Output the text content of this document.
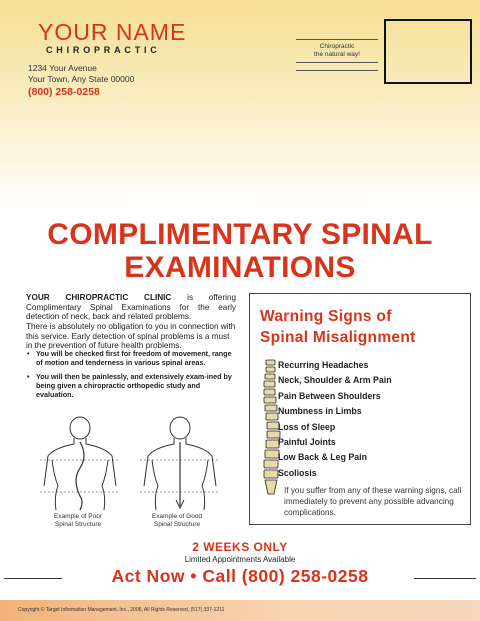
YOUR NAME
CHIROPRACTIC
1234 Your Avenue
Your Town, Any State 00000
(800) 258-0258
Chiropractic
the natural way!
COMPLIMENTARY SPINAL
EXAMINATIONS
YOUR CHIROPRACTIC CLINIC is offering Complimentary Spinal Examinations for the early detection of neck, back and related problems.
There is absolutely no obligation to you in connection with this service. Early detection of spinal problems is a must in the prevention of future health problems.
• You will be checked first for freedom of movement, range of motion and tenderness in various spinal areas.
• You will then be painlessly, and extensively exam-ined by being given a chiropractic orthopedic study and evaluation.
Example of Poor
Spinal Structure
Example of Good
Spinal Structure
Warning Signs of
Spinal Misalignment
Recurring Headaches
Neck, Shoulder & Arm Pain
Pain Between Shoulders
Numbness in Limbs
Loss of Sleep
Painful Joints
Low Back & Leg Pain
Scoliosis
If you suffer from any of these warning signs, call immediately to prevent any possible advancing complications.
2 WEEKS ONLY
Limited Appointments Available
Act Now • Call (800) 258-0258
Copyright © Target Information Management, Inc., 2006, All Rights Reserved, (517) 337-1211
